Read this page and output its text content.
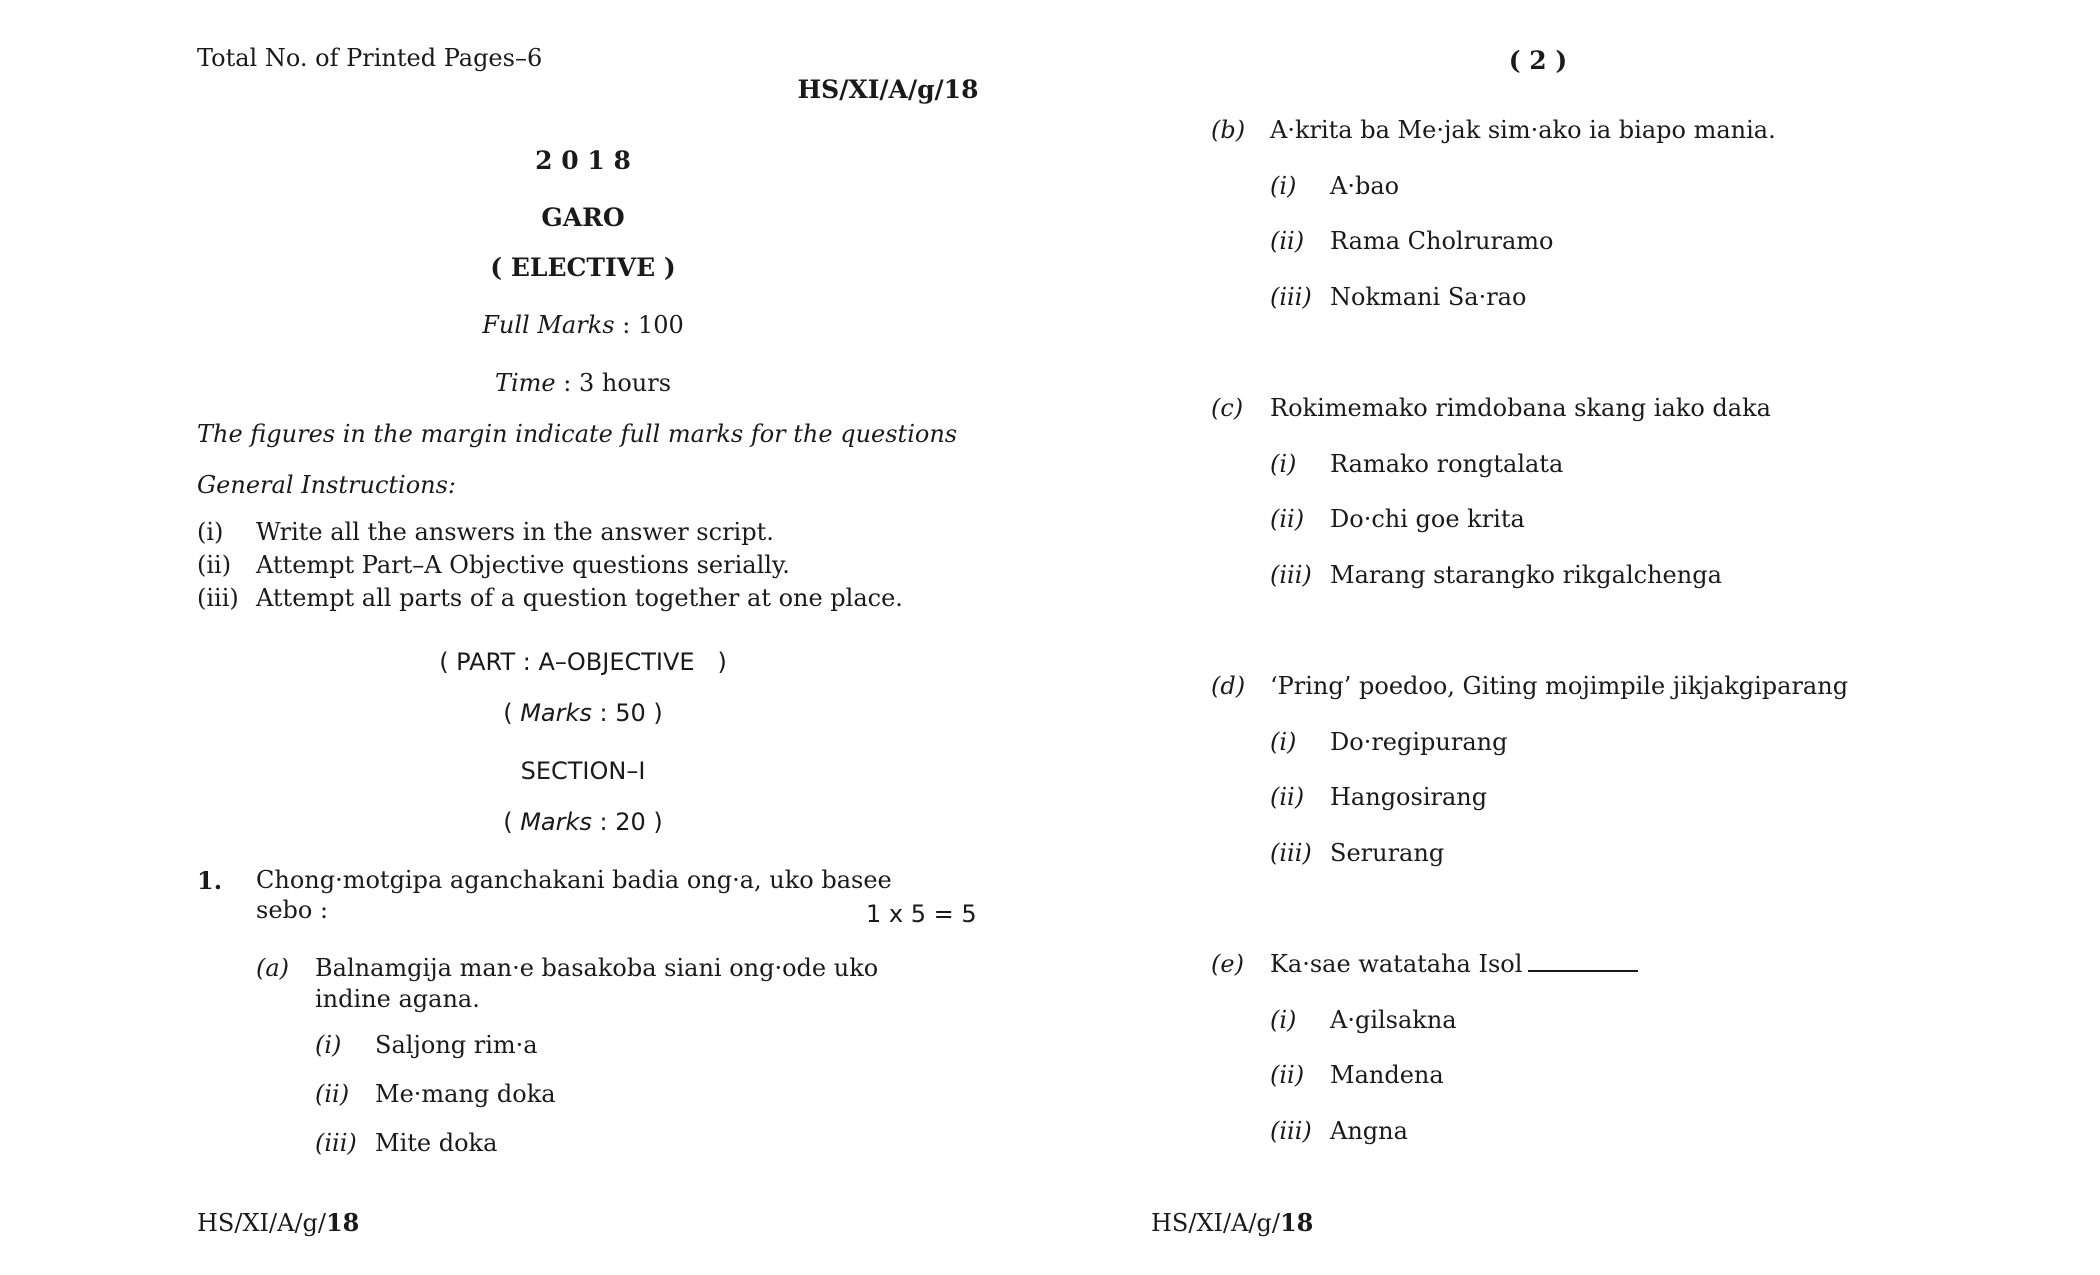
Total No. of Printed Pages–6
HS/XI/A/g/18
2 0 1 8
GARO
( ELECTIVE )
Full Marks : 100
Time : 3 hours
The figures in the margin indicate full marks for the questions
General Instructions:
(i) Write all the answers in the answer script.
(ii) Attempt Part–A Objective questions serially.
(iii) Attempt all parts of a question together at one place.
( PART : A–OBJECTIVE   )
( Marks : 50 )
SECTION–I
( Marks : 20 )
1. Chong·motgipa aganchakani badia ong·a, uko basee
sebo :	1 x 5 = 5
(a) Balnamgija man·e basakoba siani ong·ode uko
indine agana.
(i) Saljong rim·a
(ii) Me·mang doka
(iii) Mite doka
HS/XI/A/g/18
( 2 )
(b) A·krita ba Me·jak sim·ako ia biapo mania.
(i) A·bao
(ii) Rama Cholruramo
(iii) Nokmani Sa·rao
(c) Rokimemako rimdobana skang iako daka
(i) Ramako rongtalata
(ii) Do·chi goe krita
(iii) Marang starangko rikgalchenga
(d) ‘Pring’ poedoo, Giting mojimpile jikjakgiparang
(i) Do·regipurang
(ii) Hangosirang
(iii) Serurang
(e) Ka·sae watataha Isol
(i) A·gilsakna
(ii) Mandena
(iii) Angna
HS/XI/A/g/18
